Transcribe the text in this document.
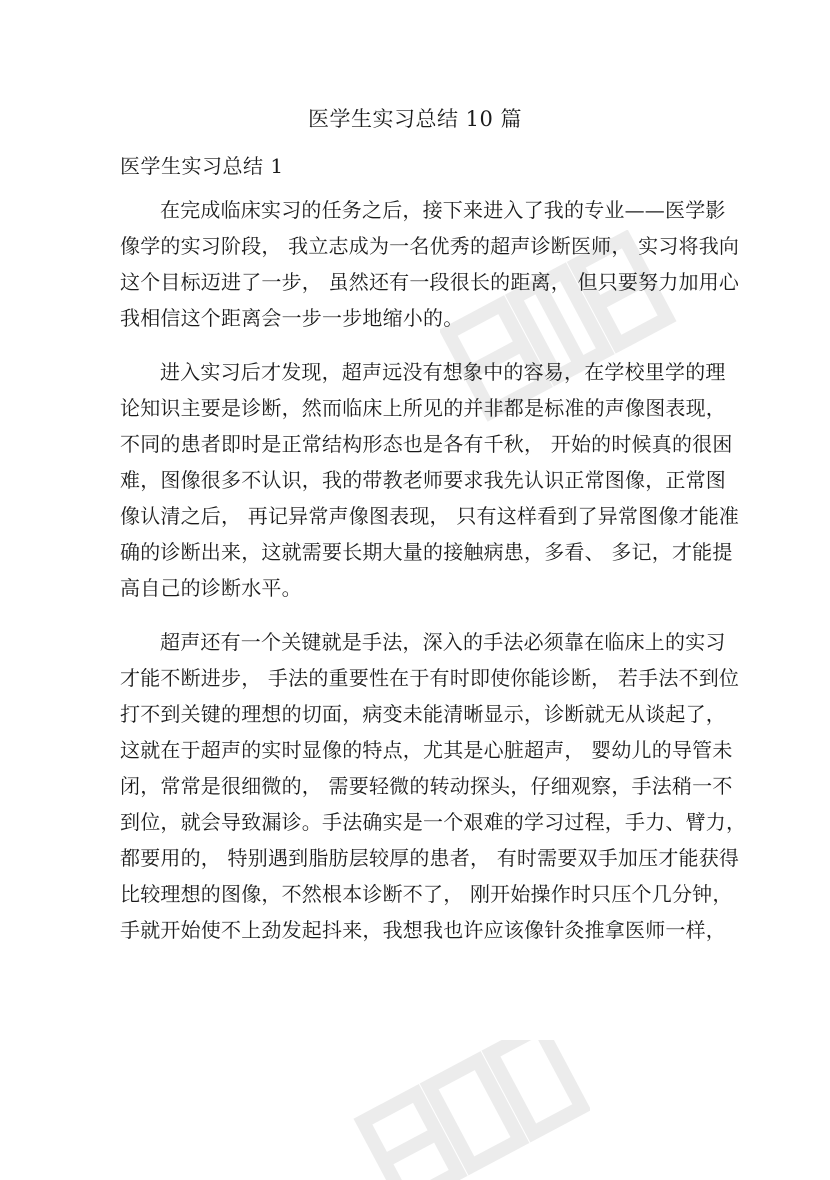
医学生实习总结 10 篇
医学生实习总结 1
在完成临床实习的任务之后，接下来进入了我的专业——医学影
像学的实习阶段， 我立志成为一名优秀的超声诊断医师， 实习将我向
这个目标迈进了一步， 虽然还有一段很长的距离， 但只要努力加用心
我相信这个距离会一步一步地缩小的。
进入实习后才发现，超声远没有想象中的容易，在学校里学的理
论知识主要是诊断，然而临床上所见的并非都是标准的声像图表现，
不同的患者即时是正常结构形态也是各有千秋， 开始的时候真的很困
难，图像很多不认识，我的带教老师要求我先认识正常图像，正常图
像认清之后， 再记异常声像图表现， 只有这样看到了异常图像才能准
确的诊断出来，这就需要长期大量的接触病患，多看、 多记，才能提
高自己的诊断水平。
超声还有一个关键就是手法，深入的手法必须靠在临床上的实习
才能不断进步， 手法的重要性在于有时即使你能诊断， 若手法不到位
打不到关键的理想的切面，病变未能清晰显示，诊断就无从谈起了，
这就在于超声的实时显像的特点，尤其是心脏超声， 婴幼儿的导管未
闭，常常是很细微的， 需要轻微的转动探头，仔细观察，手法稍一不
到位，就会导致漏诊。手法确实是一个艰难的学习过程，手力、臂力，
都要用的， 特别遇到脂肪层较厚的患者， 有时需要双手加压才能获得
比较理想的图像，不然根本诊断不了， 刚开始操作时只压个几分钟，
手就开始使不上劲发起抖来，我想我也许应该像针灸推拿医师一样，
